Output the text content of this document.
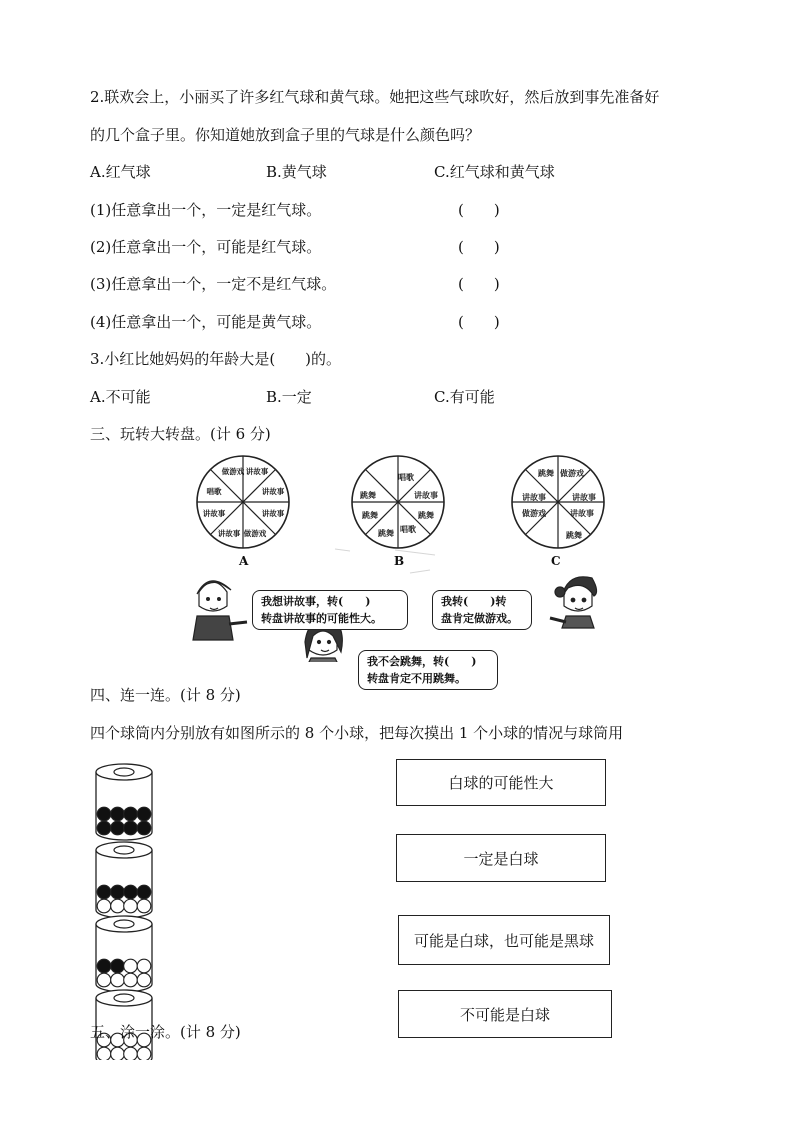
2.联欢会上，小丽买了许多红气球和黄气球。她把这些气球吹好，然后放到事先准备好
的几个盒子里。你知道她放到盒子里的气球是什么颜色吗？
A.红气球	B.黄气球	C.红气球和黄气球
(1)任意拿出一个，一定是红气球。	(　　)
(2)任意拿出一个，可能是红气球。	(　　)
(3)任意拿出一个，一定不是红气球。	(　　)
(4)任意拿出一个，可能是黄气球。	(　　)
3.小红比她妈妈的年龄大是(　　)的。
A.不可能	B.一定	C.有可能
三、玩转大转盘。(计 6 分)
做游戏 讲故事
讲故事
讲故事
做游戏
讲故事
讲故事
唱歌
唱歌
讲故事
跳舞
唱歌
跳舞
跳舞
跳舞
跳舞 做游戏
讲故事
讲故事
跳舞
做游戏	讲故事
A	B	C
我想讲故事，转(　　)
转盘讲故事的可能性大。
我转(　　)转
盘肯定做游戏。
我不会跳舞，转(　　)
转盘肯定不用跳舞。
四、连一连。(计 8 分)
四个球筒内分别放有如图所示的 8 个小球，把每次摸出 1 个小球的情况与球筒用
白球的可能性大
一定是白球
可能是白球，也可能是黑球
不可能是白球
五、涂一涂。(计 8 分)
